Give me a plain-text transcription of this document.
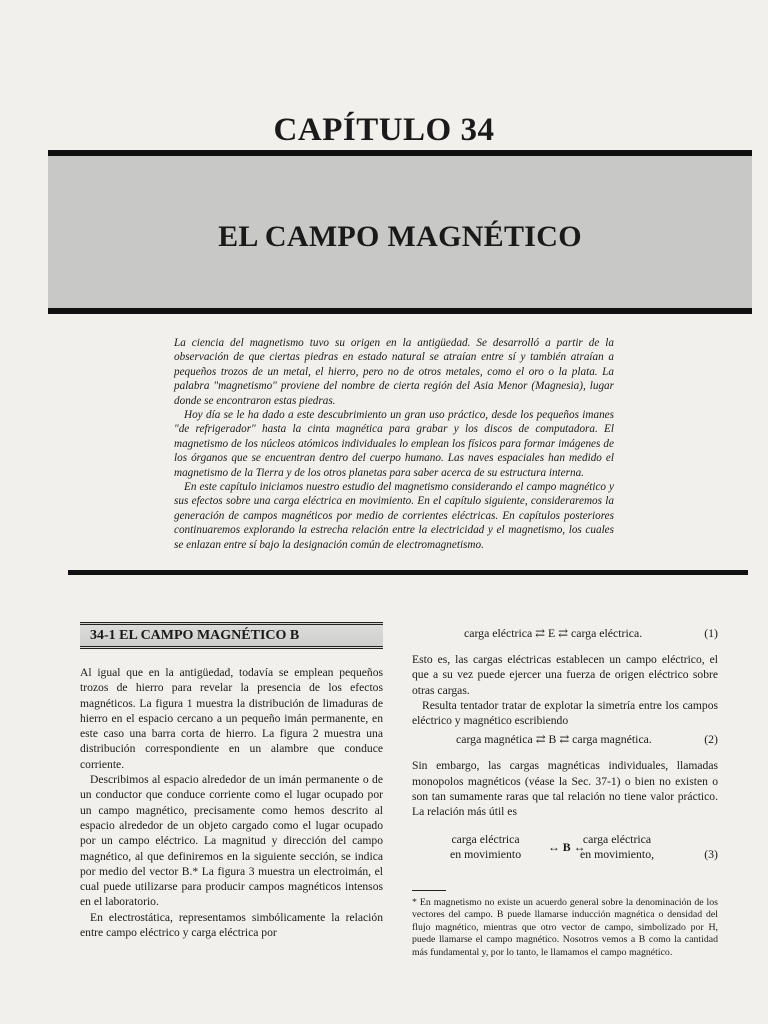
CAPÍTULO 34
EL CAMPO MAGNÉTICO

La ciencia del magnetismo tuvo su origen en la antigüedad. Se desarrolló a partir de la observación de que ciertas piedras en estado natural se atraían entre sí y también atraían a pequeños trozos de un metal, el hierro, pero no de otros metales, como el oro o la plata. La palabra "magnetismo" proviene del nombre de cierta región del Asia Menor (Magnesia), lugar donde se encontraron estas piedras.

Hoy día se le ha dado a este descubrimiento un gran uso práctico, desde los pequeños imanes "de refrigerador" hasta la cinta magnética para grabar y los discos de computadora. El magnetismo de los núcleos atómicos individuales lo emplean los físicos para formar imágenes de los órganos que se encuentran dentro del cuerpo humano. Las naves espaciales han medido el magnetismo de la Tierra y de los otros planetas para saber acerca de su estructura interna.

En este capítulo iniciamos nuestro estudio del magnetismo considerando el campo magnético y sus efectos sobre una carga eléctrica en movimiento. En el capítulo siguiente, consideraremos la generación de campos magnéticos por medio de corrientes eléctricas. En capítulos posteriores continuaremos explorando la estrecha relación entre la electricidad y el magnetismo, los cuales se enlazan entre sí bajo la designación común de electromagnetismo.

34-1 EL CAMPO MAGNÉTICO B

Al igual que en la antigüedad, todavía se emplean pequeños trozos de hierro para revelar la presencia de los efectos magnéticos. La figura 1 muestra la distribución de limaduras de hierro en el espacio cercano a un pequeño imán permanente, en este caso una barra corta de hierro. La figura 2 muestra una distribución correspondiente en un alambre que conduce corriente.

Describimos al espacio alrededor de un imán permanente o de un conductor que conduce corriente como el lugar ocupado por un campo magnético, precisamente como hemos descrito al espacio alrededor de un objeto cargado como el lugar ocupado por un campo eléctrico. La magnitud y dirección del campo magnético, al que definiremos en la siguiente sección, se indica por medio del vector B.* La figura 3 muestra un electroimán, el cual puede utilizarse para producir campos magnéticos intensos en el laboratorio.

En electrostática, representamos simbólicamente la relación entre campo eléctrico y carga eléctrica por

carga eléctrica ⇄ E ⇄ carga eléctrica.	(1)

Esto es, las cargas eléctricas establecen un campo eléctrico, el que a su vez puede ejercer una fuerza de origen eléctrico sobre otras cargas.

Resulta tentador tratar de explotar la simetría entre los campos eléctrico y magnético escribiendo

carga magnética ⇄ B ⇄ carga magnética.	(2)

Sin embargo, las cargas magnéticas individuales, llamadas monopolos magnéticos (véase la Sec. 37-1) o bien no existen o son tan sumamente raras que tal relación no tiene valor práctico. La relación más útil es

carga eléctrica
en movimiento ↔ B ↔
carga eléctrica
en movimiento,	(3)
* En magnetismo no existe un acuerdo general sobre la denominación de los vectores del campo. B puede llamarse inducción magnética o densidad del flujo magnético, mientras que otro vector de campo, simbolizado por H, puede llamarse el campo magnético. Nosotros vemos a B como la cantidad más fundamental y, por lo tanto, le llamamos el campo magnético.
